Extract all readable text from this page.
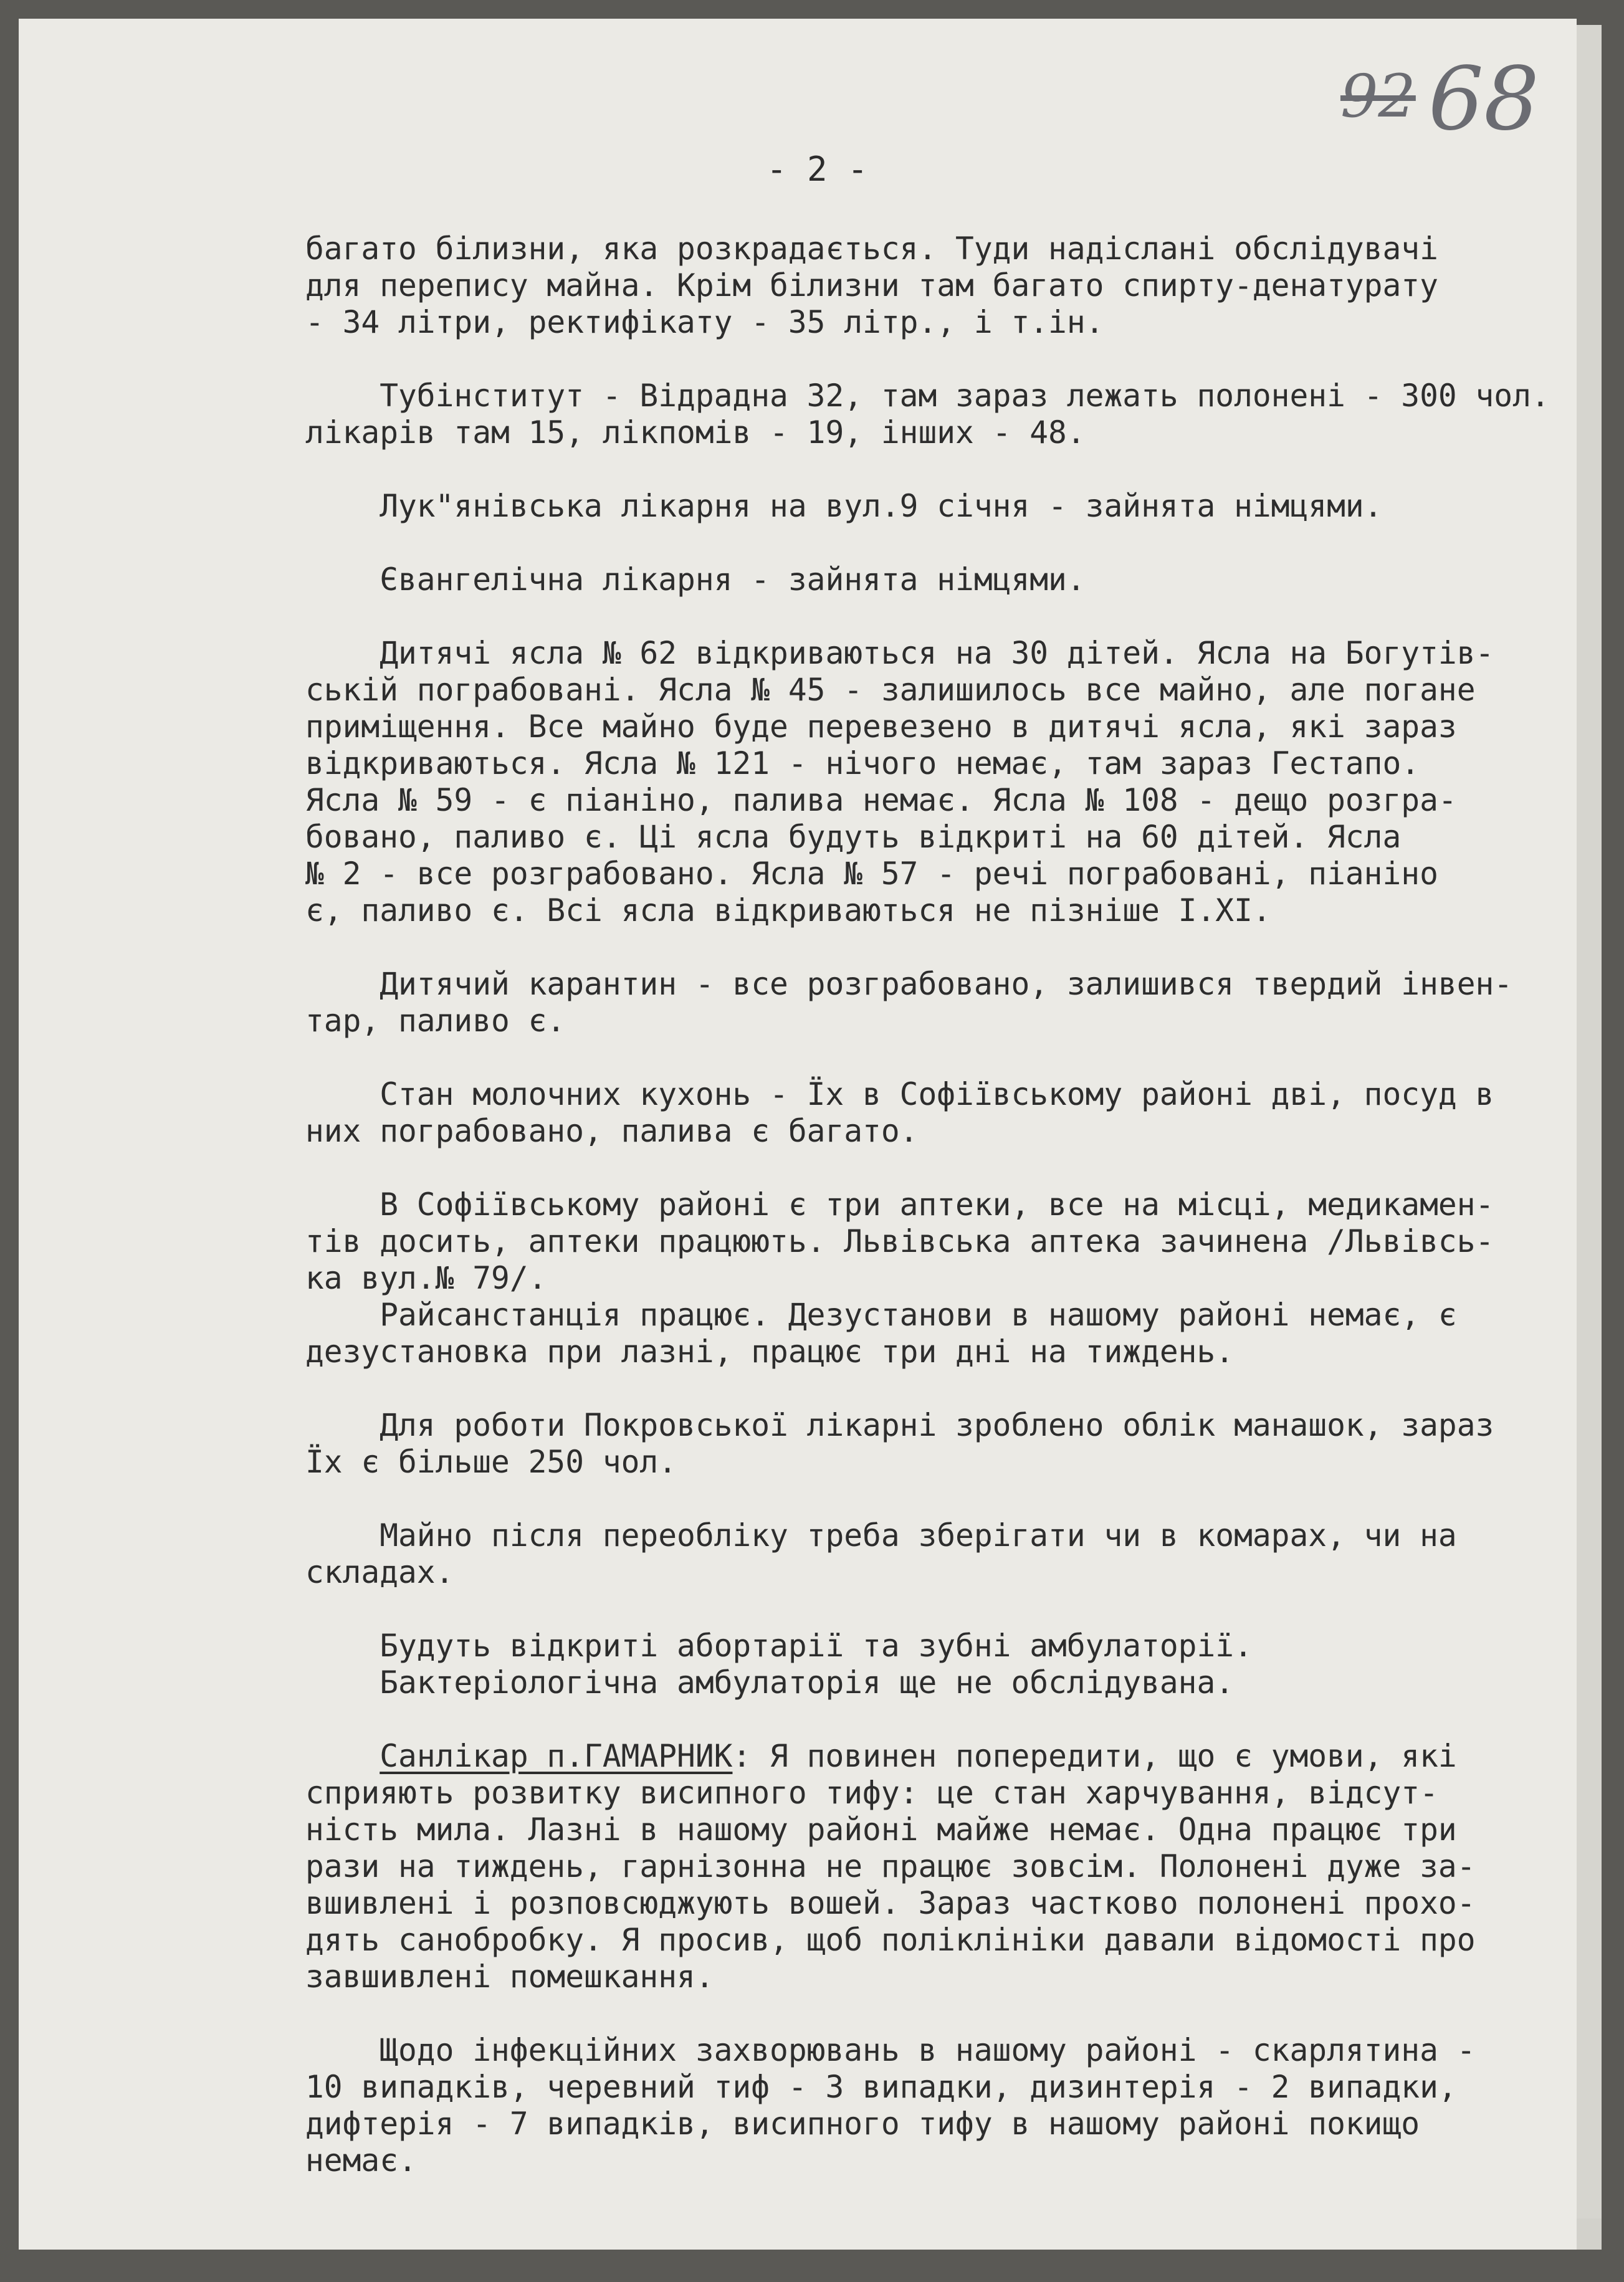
92 68
- 2 -
багато білизни, яка розкрадається. Туди надіслані обслідувачі
для перепису майна. Крім білизни там багато спирту-денатурату
- 34 літри, ректифікату - 35 літр., і т.ін.
Тубінститут - Відрадна 32, там зараз лежать полонені - 300 чол.
лікарів там 15, лікпомів - 19, інших - 48.
Лук"янівська лікарня на вул.9 січня - зайнята німцями.
Євангелічна лікарня - зайнята німцями.
Дитячі ясла № 62 відкриваються на 30 дітей. Ясла на Богутів-
ській пограбовані. Ясла № 45 - залишилось все майно, але погане
приміщення. Все майно буде перевезено в дитячі ясла, які зараз
відкриваються. Ясла № 121 - нічого немає, там зараз Гестапо.
Ясла № 59 - є піаніно, палива немає. Ясла № 108 - дещо розгра-
бовано, паливо є. Ці ясла будуть відкриті на 60 дітей. Ясла
№ 2 - все розграбовано. Ясла № 57 - речі пограбовані, піаніно
є, паливо є. Всі ясла відкриваються не пізніше І.ХІ.
Дитячий карантин - все розграбовано, залишився твердий інвен-
тар, паливо є.
Стан молочних кухонь - Їх в Софіївському районі дві, посуд в
них пограбовано, палива є багато.
В Софіївському районі є три аптеки, все на місці, медикамен-
тів досить, аптеки працюють. Львівська аптека зачинена /Львівсь-
ка вул.№ 79/.
Райсанстанція працює. Дезустанови в нашому районі немає, є
дезустановка при лазні, працює три дні на тиждень.
Для роботи Покровської лікарні зроблено облік манашок, зараз
Їх є більше 250 чол.
Майно після переобліку треба зберігати чи в комарах, чи на
складах.
Будуть відкриті абортарії та зубні амбулаторії.
Бактеріологічна амбулаторія ще не обслідувана.
Санлікар п.ГАМАРНИК: Я повинен попередити, що є умови, які
сприяють розвитку висипного тифу: це стан харчування, відсут-
ність мила. Лазні в нашому районі майже немає. Одна працює три
рази на тиждень, гарнізонна не працює зовсім. Полонені дуже за-
вшивлені і розповсюджують вошей. Зараз частково полонені прохо-
дять санобробку. Я просив, щоб поліклініки давали відомості про
завшивлені помешкання.
Щодо інфекційних захворювань в нашому районі - скарлятина -
10 випадків, черевний тиф - 3 випадки, дизинтерія - 2 випадки,
дифтерія - 7 випадків, висипного тифу в нашому районі покищо
немає.
